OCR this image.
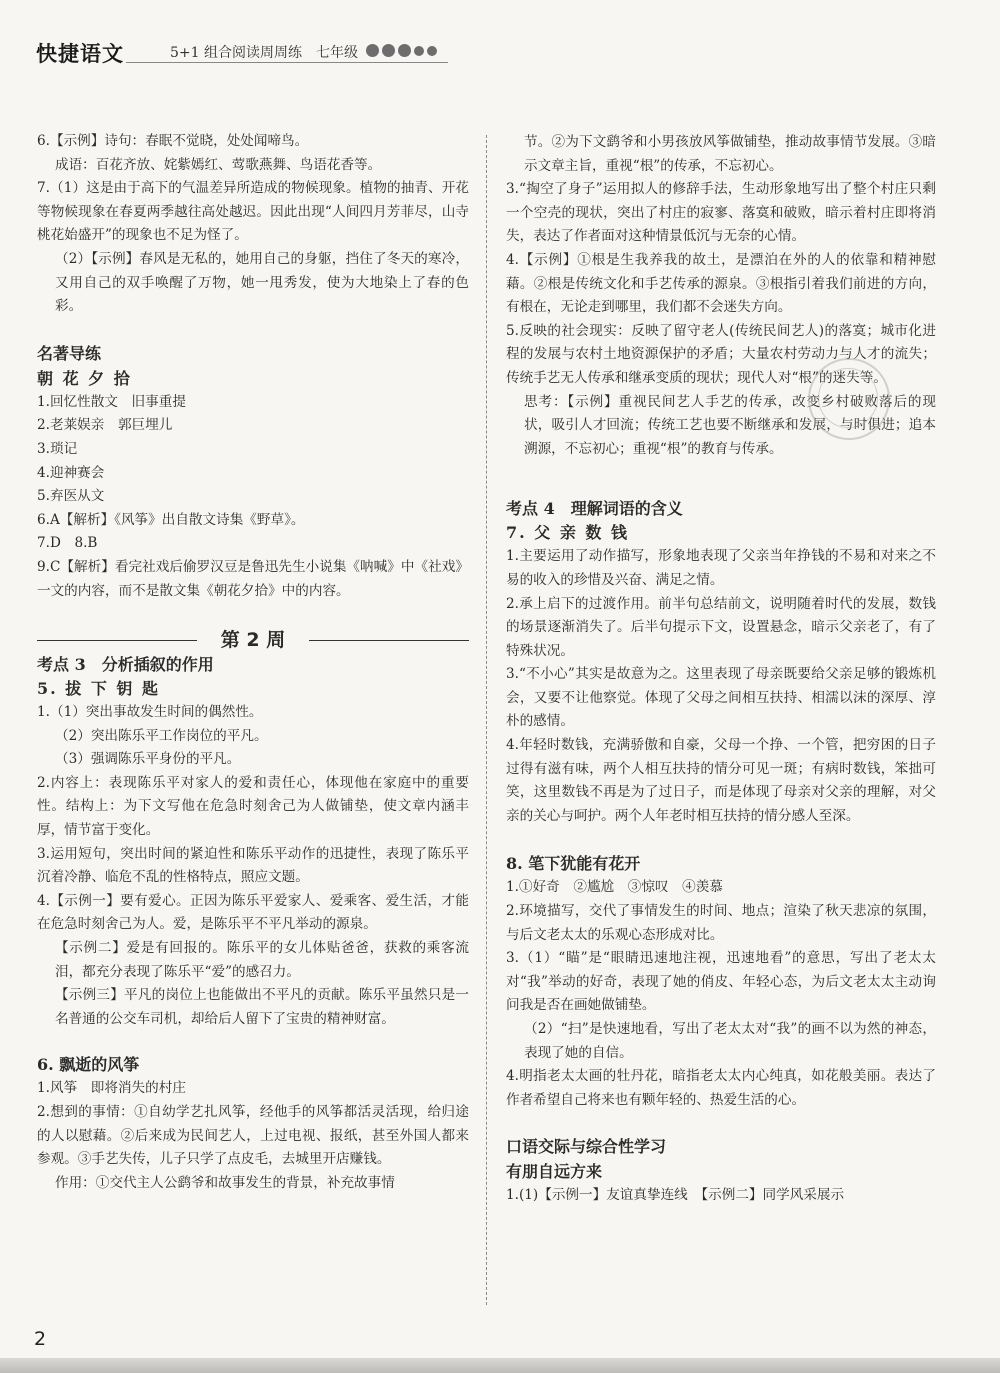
快捷语文	5+1 组合阅读周周练　七年级

6.【示例】诗句：春眠不觉晓，处处闻啼鸟。

成语：百花齐放、姹紫嫣红、莺歌燕舞、鸟语花香等。

7.（1）这是由于高下的气温差异所造成的物候现象。植物的抽青、开花等物候现象在春夏两季越往高处越迟。因此出现“人间四月芳菲尽，山寺桃花始盛开”的现象也不足为怪了。

（2）【示例】春风是无私的，她用自己的身躯，挡住了冬天的寒冷，又用自己的双手唤醒了万物，她一甩秀发，使为大地染上了春的色彩。

名著导练

朝 花 夕 拾

1.回忆性散文　旧事重提

2.老莱娱亲　郭巨埋儿

3.琐记

4.迎神赛会

5.弃医从文

6.A【解析】《风筝》出自散文诗集《野草》。

7.D　8.B

9.C【解析】看完社戏后偷罗汉豆是鲁迅先生小说集《呐喊》中《社戏》一文的内容，而不是散文集《朝花夕拾》中的内容。

第 2 周

考点 3　分析插叙的作用

5. 拔 下 钥 匙

1.（1）突出事故发生时间的偶然性。

（2）突出陈乐平工作岗位的平凡。

（3）强调陈乐平身份的平凡。

2.内容上：表现陈乐平对家人的爱和责任心，体现他在家庭中的重要性。结构上：为下文写他在危急时刻舍己为人做铺垫，使文章内涵丰厚，情节富于变化。

3.运用短句，突出时间的紧迫性和陈乐平动作的迅捷性，表现了陈乐平沉着冷静、临危不乱的性格特点，照应文题。

4.【示例一】要有爱心。正因为陈乐平爱家人、爱乘客、爱生活，才能在危急时刻舍己为人。爱，是陈乐平不平凡举动的源泉。

【示例二】爱是有回报的。陈乐平的女儿体贴爸爸，获救的乘客流泪，都充分表现了陈乐平“爱”的感召力。

【示例三】平凡的岗位上也能做出不平凡的贡献。陈乐平虽然只是一名普通的公交车司机，却给后人留下了宝贵的精神财富。

6. 飘逝的风筝

1.风筝　即将消失的村庄

2.想到的事情：①自幼学艺扎风筝，经他手的风筝都活灵活现，给归途的人以慰藉。②后来成为民间艺人，上过电视、报纸，甚至外国人都来参观。③手艺失传，儿子只学了点皮毛，去城里开店赚钱。

作用：①交代主人公鹞爷和故事发生的背景，补充故事情

节。②为下文鹞爷和小男孩放风筝做铺垫，推动故事情节发展。③暗示文章主旨，重视“根”的传承，不忘初心。

3.“掏空了身子”运用拟人的修辞手法，生动形象地写出了整个村庄只剩一个空壳的现状，突出了村庄的寂寥、落寞和破败，暗示着村庄即将消失，表达了作者面对这种情景低沉与无奈的心情。

4.【示例】①根是生我养我的故土，是漂泊在外的人的依靠和精神慰藉。②根是传统文化和手艺传承的源泉。③根指引着我们前进的方向，有根在，无论走到哪里，我们都不会迷失方向。

5.反映的社会现实：反映了留守老人(传统民间艺人)的落寞；城市化进程的发展与农村土地资源保护的矛盾；大量农村劳动力与人才的流失；传统手艺无人传承和继承变质的现状；现代人对“根”的迷失等。

思考：【示例】重视民间艺人手艺的传承，改变乡村破败落后的现状，吸引人才回流；传统工艺也要不断继承和发展，与时俱进；追本溯源，不忘初心；重视“根”的教育与传承。

考点 4　理解词语的含义

7. 父 亲 数 钱

1.主要运用了动作描写，形象地表现了父亲当年挣钱的不易和对来之不易的收入的珍惜及兴奋、满足之情。

2.承上启下的过渡作用。前半句总结前文，说明随着时代的发展，数钱的场景逐渐消失了。后半句提示下文，设置悬念，暗示父亲老了，有了特殊状况。

3.“不小心”其实是故意为之。这里表现了母亲既要给父亲足够的锻炼机会，又要不让他察觉。体现了父母之间相互扶持、相濡以沫的深厚、淳朴的感情。

4.年轻时数钱，充满骄傲和自豪，父母一个挣、一个管，把穷困的日子过得有滋有味，两个人相互扶持的情分可见一斑；有病时数钱，笨拙可笑，这里数钱不再是为了过日子，而是体现了母亲对父亲的理解，对父亲的关心与呵护。两个人年老时相互扶持的情分感人至深。

8. 笔下犹能有花开

1.①好奇　②尴尬　③惊叹　④羡慕

2.环境描写，交代了事情发生的时间、地点；渲染了秋天悲凉的氛围，与后文老太太的乐观心态形成对比。

3.（1）“瞄”是“眼睛迅速地注视，迅速地看”的意思，写出了老太太对“我”举动的好奇，表现了她的俏皮、年轻心态，为后文老太太主动询问我是否在画她做铺垫。

（2）“扫”是快速地看，写出了老太太对“我”的画不以为然的神态，表现了她的自信。

4.明指老太太画的牡丹花，暗指老太太内心纯真，如花般美丽。表达了作者希望自己将来也有颗年轻的、热爱生活的心。

口语交际与综合性学习

有朋自远方来

1.(1)【示例一】友谊真挚连线　【示例二】同学风采展示

2
